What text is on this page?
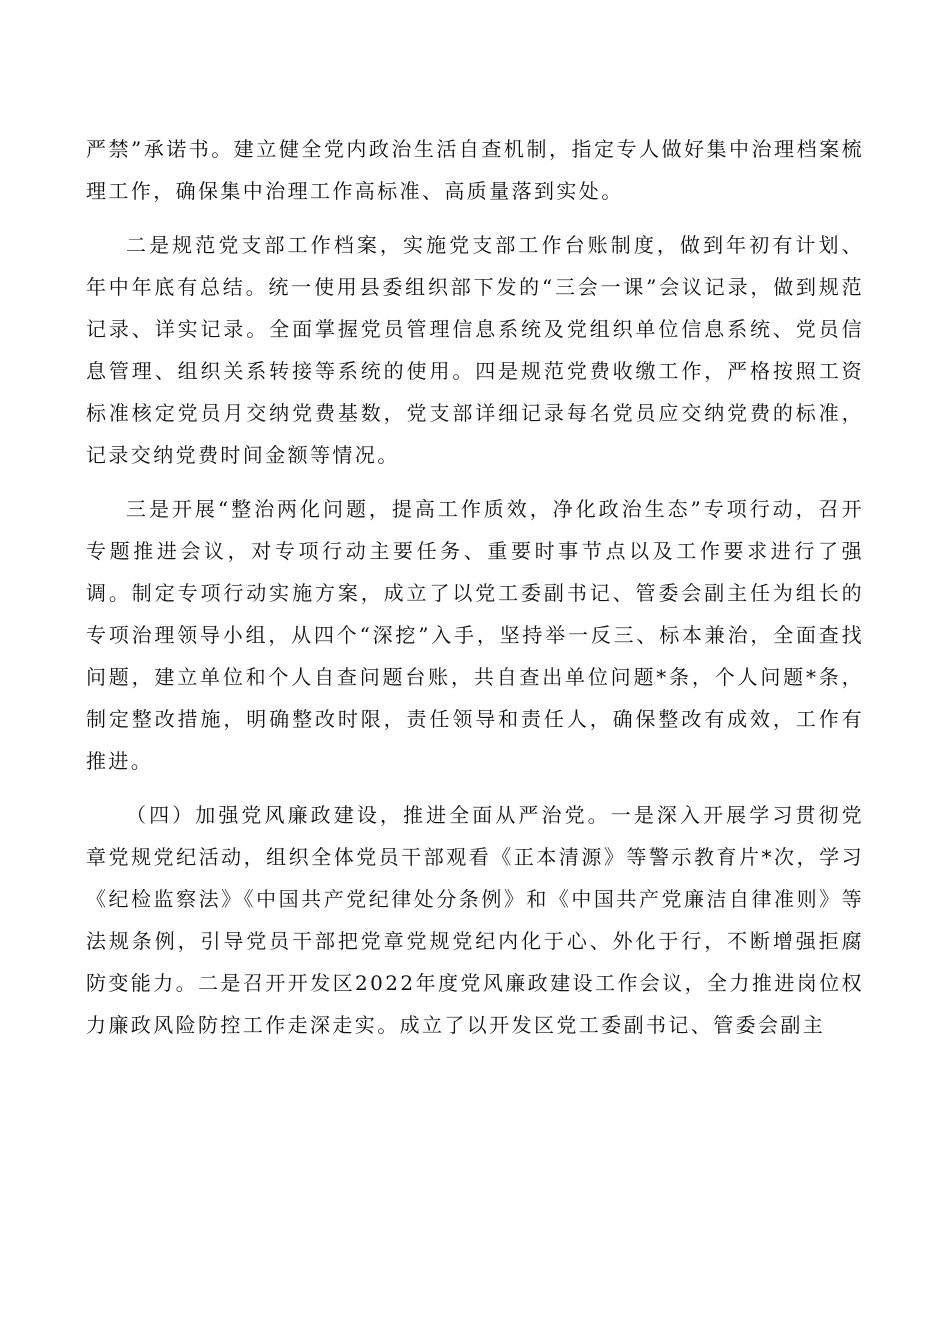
严禁”承诺书。建立健全党内政治生活自查机制，指定专人做好集中治理档案梳理工作，确保集中治理工作高标准、高质量落到实处。

二是规范党支部工作档案，实施党支部工作台账制度，做到年初有计划、年中年底有总结。统一使用县委组织部下发的“三会一课”会议记录，做到规范记录、详实记录。全面掌握党员管理信息系统及党组织单位信息系统、党员信息管理、组织关系转接等系统的使用。四是规范党费收缴工作，严格按照工资标准核定党员月交纳党费基数，党支部详细记录每名党员应交纳党费的标准，记录交纳党费时间金额等情况。

三是开展“整治两化问题，提高工作质效，净化政治生态”专项行动，召开专题推进会议，对专项行动主要任务、重要时事节点以及工作要求进行了强调。制定专项行动实施方案，成立了以党工委副书记、管委会副主任为组长的专项治理领导小组，从四个“深挖”入手，坚持举一反三、标本兼治，全面查找问题，建立单位和个人自查问题台账，共自查出单位问题*条，个人问题*条，制定整改措施，明确整改时限，责任领导和责任人，确保整改有成效，工作有推进。

（四）加强党风廉政建设，推进全面从严治党。一是深入开展学习贯彻党章党规党纪活动，组织全体党员干部观看《正本清源》等警示教育片*次，学习《纪检监察法》《中国共产党纪律处分条例》和《中国共产党廉洁自律准则》等法规条例，引导党员干部把党章党规党纪内化于心、外化于行，不断增强拒腐防变能力。二是召开开发区2022年度党风廉政建设工作会议，全力推进岗位权力廉政风险防控工作走深走实。成立了以开发区党工委副书记、管委会副主
